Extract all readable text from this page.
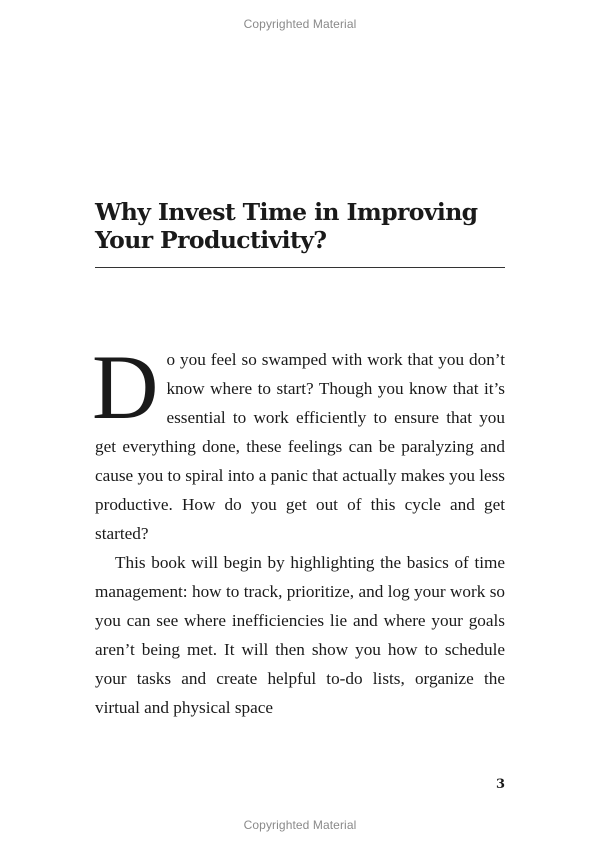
Copyrighted Material
Why Invest Time in Improving
Your Productivity?

Do you feel so swamped with work that you don’t know where to start? Though you know that it’s essential to work efficiently to ensure that you get everything done, these feelings can be paralyzing and cause you to spiral into a panic that actually makes you less productive. How do you get out of this cycle and get started?

This book will begin by highlighting the basics of time management: how to track, prioritize, and log your work so you can see where inefficiencies lie and where your goals aren’t being met. It will then show you how to schedule your tasks and create helpful to-do lists, organize the virtual and physical space

3
Copyrighted Material
